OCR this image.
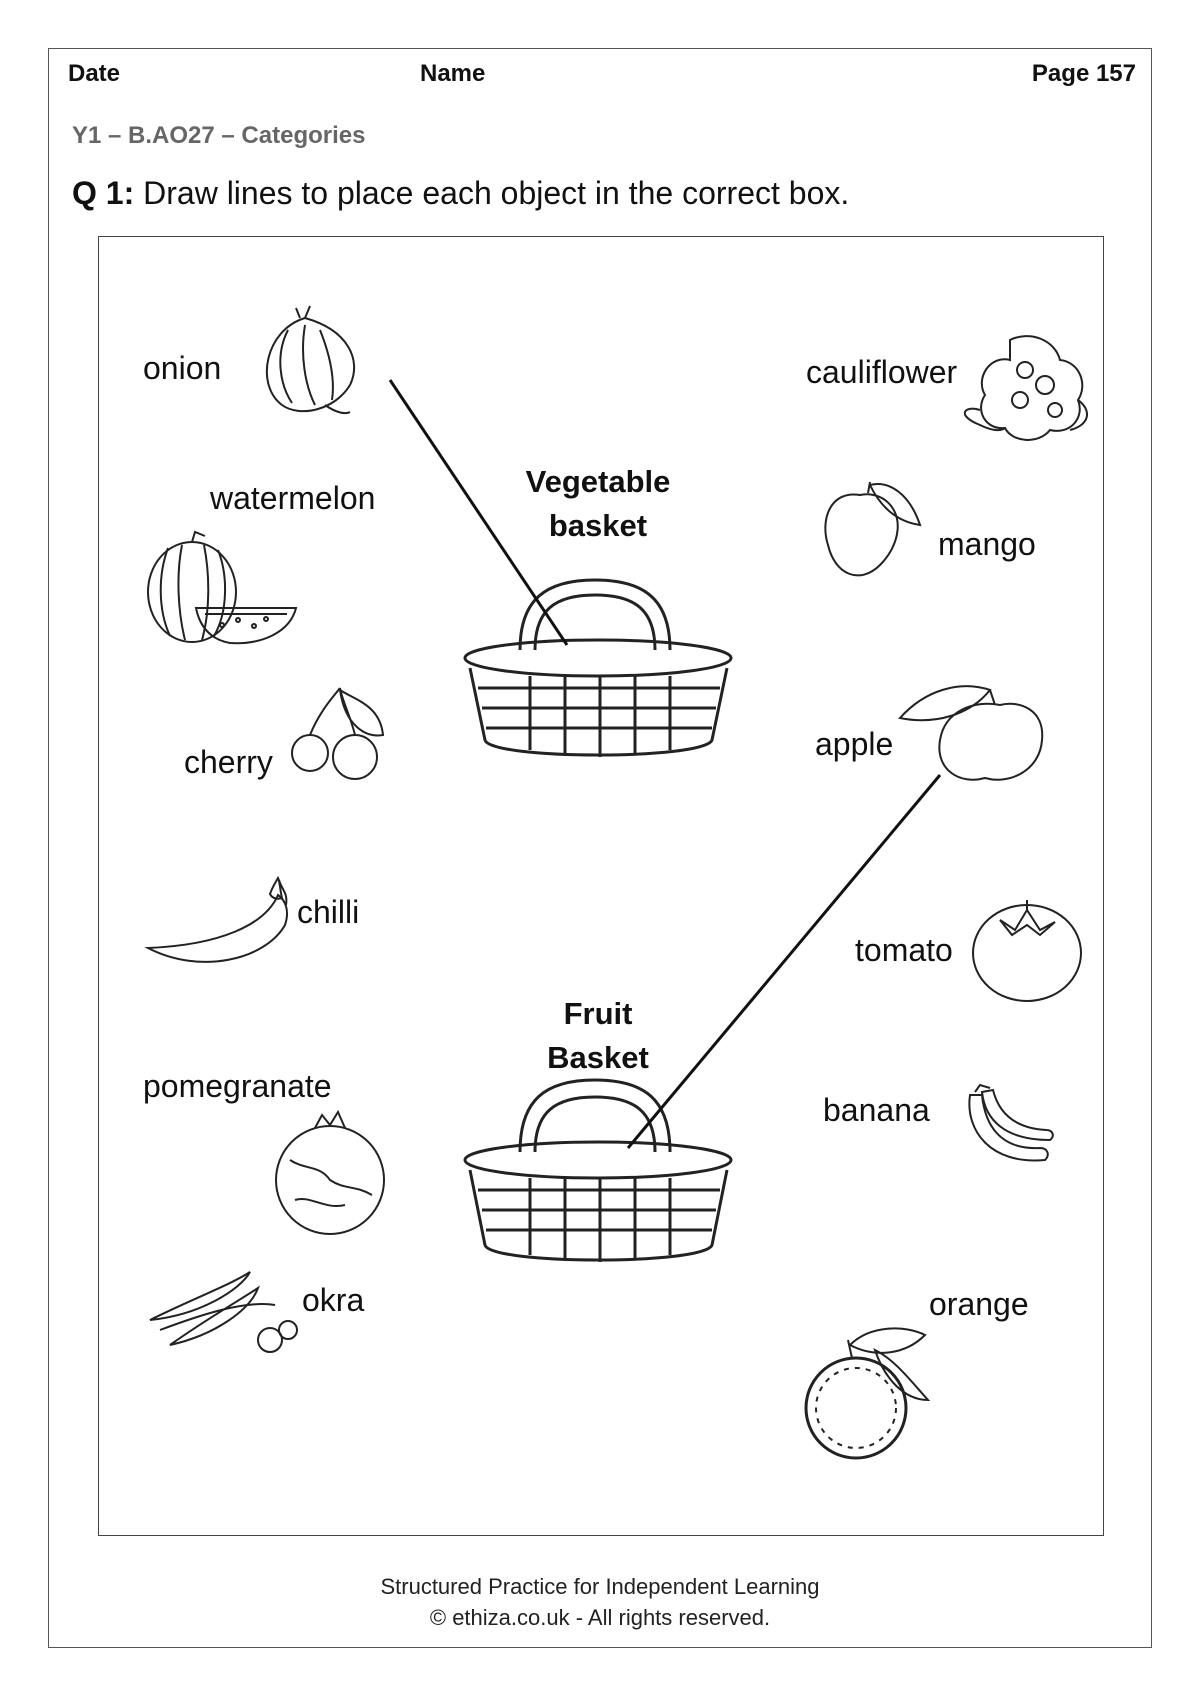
Date	Name	Page 157
Y1 – B.AO27 – Categories
Q 1: Draw lines to place each object in the correct box.
Vegetable
basket
Fruit
Basket
onion
watermelon
cherry
chilli
pomegranate
okra
cauliflower
mango
apple
tomato
banana
orange
Structured Practice for Independent Learning
© ethiza.co.uk - All rights reserved.
